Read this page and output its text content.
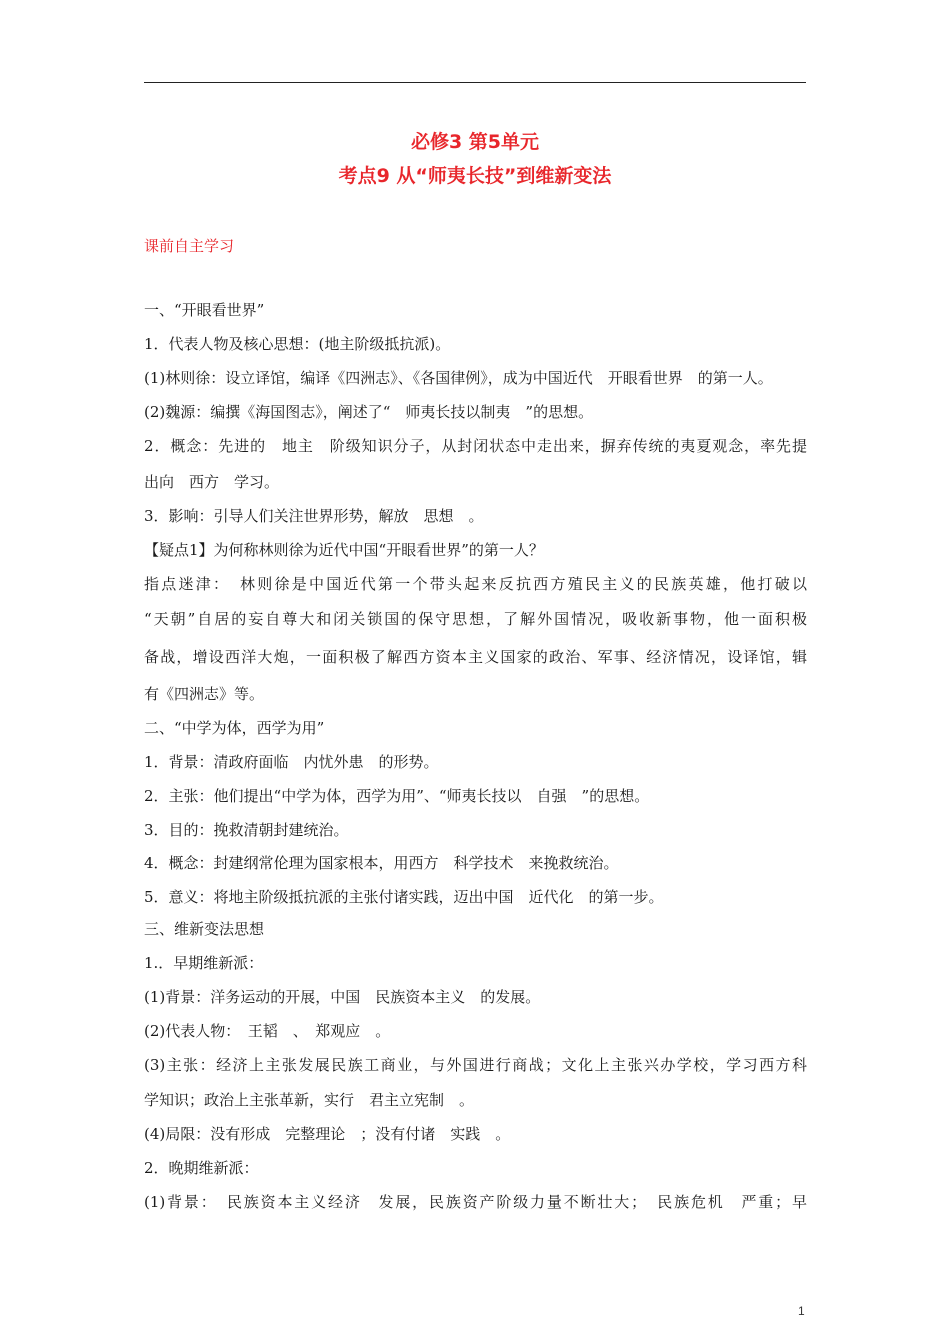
必修3 第5单元
考点9 从“师夷长技”到维新变法
课前自主学习
一、“开眼看世界”
1．代表人物及核心思想：(地主阶级抵抗派)。
(1)林则徐：设立译馆，编译《四洲志》、《各国律例》，成为中国近代　开眼看世界　的第一人。
(2)魏源：编撰《海国图志》，阐述了“　师夷长技以制夷　”的思想。
2．概念：先进的　地主　阶级知识分子，从封闭状态中走出来，摒弃传统的夷夏观念，率先提
出向　西方　学习。
3．影响：引导人们关注世界形势，解放　思想　。
【疑点1】为何称林则徐为近代中国“开眼看世界”的第一人？
指点迷津：　林则徐是中国近代第一个带头起来反抗西方殖民主义的民族英雄，他打破以
“天朝”自居的妄自尊大和闭关锁国的保守思想，了解外国情况，吸收新事物，他一面积极
备战，增设西洋大炮，一面积极了解西方资本主义国家的政治、军事、经济情况，设译馆，辑
有《四洲志》等。
二、“中学为体，西学为用”
1．背景：清政府面临　内忧外患　的形势。
2．主张：他们提出“中学为体，西学为用”、“师夷长技以　自强　”的思想。
3．目的：挽救清朝封建统治。
4．概念：封建纲常伦理为国家根本，用西方　科学技术　来挽救统治。
5．意义：将地主阶级抵抗派的主张付诸实践，迈出中国　近代化　的第一步。
三、维新变法思想
1.．早期维新派：
(1)背景：洋务运动的开展，中国　民族资本主义　的发展。
(2)代表人物：　王韬　、　郑观应　。
(3)主张：经济上主张发展民族工商业，与外国进行商战；文化上主张兴办学校，学习西方科
学知识；政治上主张革新，实行　君主立宪制　。
(4)局限：没有形成　完整理论　；没有付诸　实践　。
2．晚期维新派：
(1)背景：　民族资本主义经济　发展，民族资产阶级力量不断壮大；　民族危机　严重；早
1
